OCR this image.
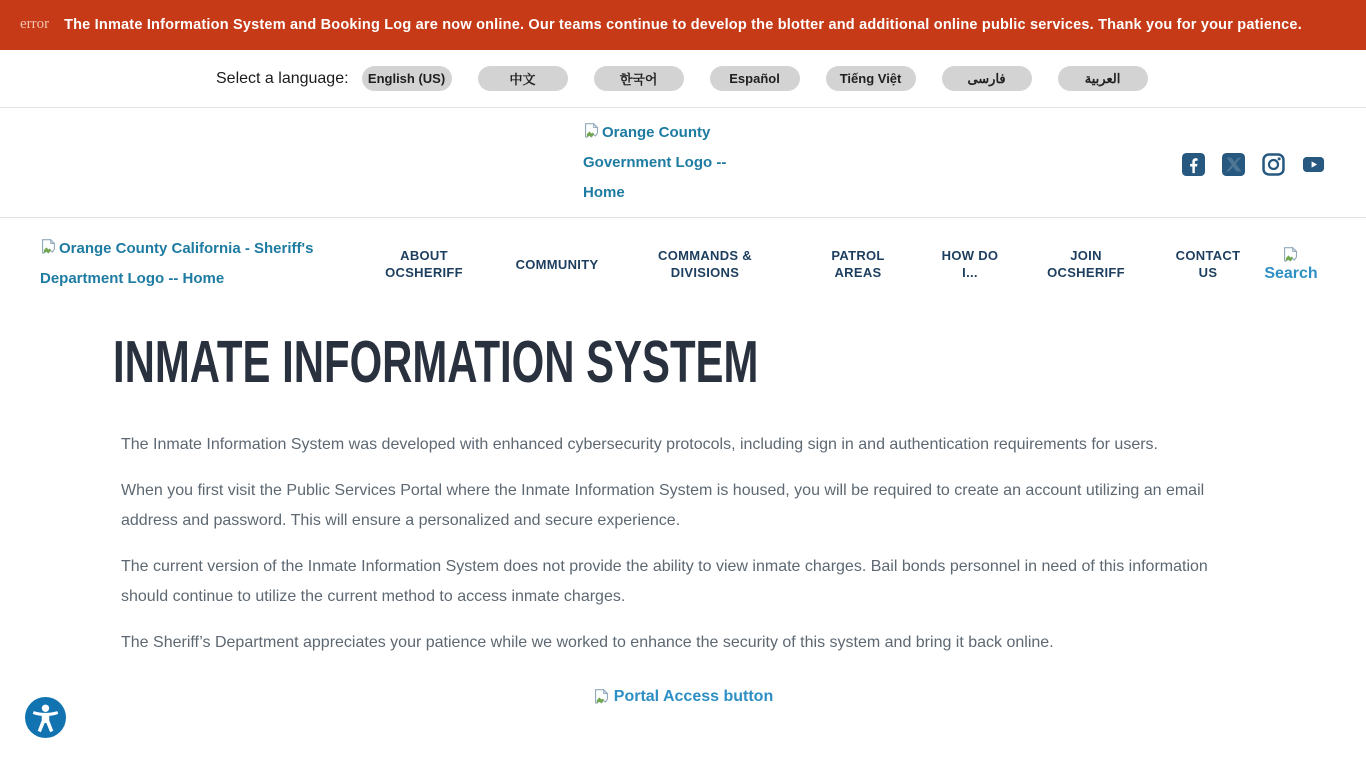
error The Inmate Information System and Booking Log are now online. Our teams continue to develop the blotter and additional online public services. Thank you for your patience.
Select a language:	English (US)	中文	한국어	Español	Tiếng Việt	فارسی	العربية
Orange County Government Logo -- Home
Orange County California - Sheriff's Department Logo -- Home
ABOUT OCSHERIFF
COMMUNITY
COMMANDS & DIVISIONS
PATROL AREAS
HOW DO I...
JOIN OCSHERIFF
CONTACT US	Search
INMATE INFORMATION SYSTEM

The Inmate Information System was developed with enhanced cybersecurity protocols, including sign in and authentication requirements for users.

When you first visit the Public Services Portal where the Inmate Information System is housed, you will be required to create an account utilizing an email address and password. This will ensure a personalized and secure experience.

The current version of the Inmate Information System does not provide the ability to view inmate charges. Bail bonds personnel in need of this information should continue to utilize the current method to access inmate charges.

The Sheriff’s Department appreciates your patience while we worked to enhance the security of this system and bring it back online.

Portal Access button
